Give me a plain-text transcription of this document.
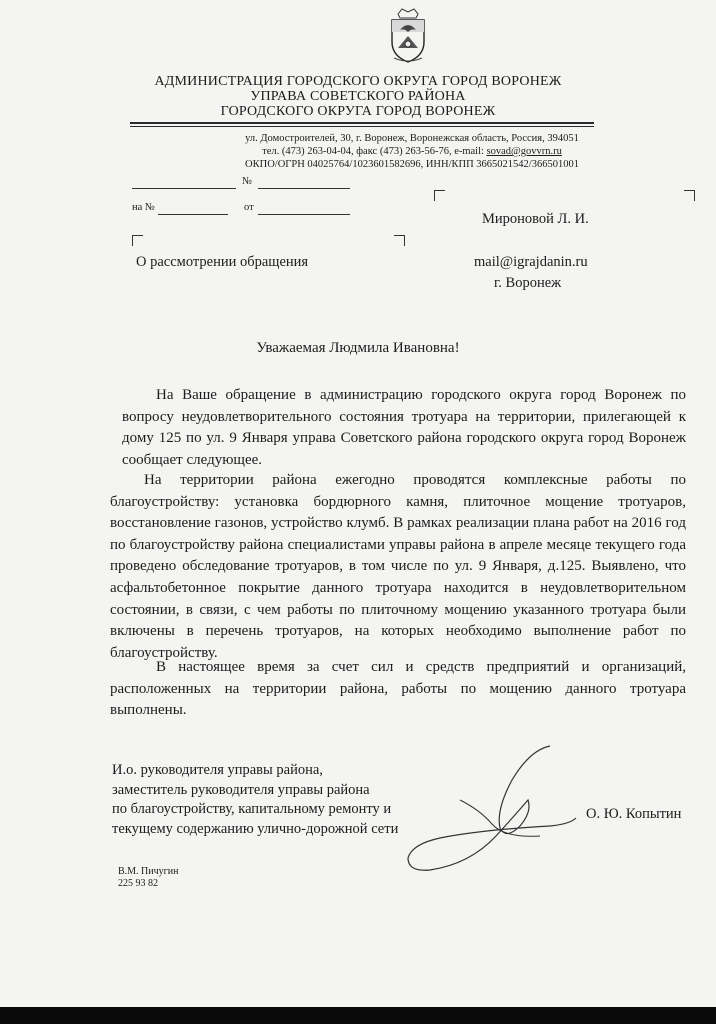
АДМИНИСТРАЦИЯ ГОРОДСКОГО ОКРУГА ГОРОД ВОРОНЕЖ
УПРАВА СОВЕТСКОГО РАЙОНА
ГОРОДСКОГО ОКРУГА ГОРОД ВОРОНЕЖ
ул. Домостроителей, 30, г. Воронеж, Воронежская область, Россия, 394051
тел. (473) 263-04-04, факс (473) 263-56-76, e-mail: sovad@govvrn.ru
ОКПО/ОГРН 04025764/1023601582696, ИНН/КПП 3665021542/366501001
№
на №	от
Мироновой Л. И.
mail@igrajdanin.ru
г. Воронеж
О рассмотрении обращения
Уважаемая Людмила Ивановна!

На Ваше обращение в администрацию городского округа город Воронеж по вопросу неудовлетворительного состояния тротуара на территории, прилегающей к дому 125 по ул. 9 Января управа Советского района городского округа город Воронеж сообщает следующее.

На территории района ежегодно проводятся комплексные работы по благоустройству: установка бордюрного камня, плиточное мощение тротуаров, восстановление газонов, устройство клумб. В рамках реализации плана работ на 2016 год по благоустройству района специалистами управы района в апреле месяце текущего года проведено обследование тротуаров, в том числе по ул. 9 Января, д.125. Выявлено, что асфальтобетонное покрытие данного тротуара находится в неудовлетворительном состоянии, в связи, с чем работы по плиточному мощению указанного тротуара были включены в перечень тротуаров, на которых необходимо выполнение работ по благоустройству.

В настоящее время за счет сил и средств предприятий и организаций, расположенных на территории района, работы по мощению данного тротуара выполнены.

И.о. руководителя управы района,
заместитель руководителя управы района
по благоустройству, капитальному ремонту и
текущему содержанию улично-дорожной сети
О. Ю. Копытин
В.М. Пичугин
225 93 82
